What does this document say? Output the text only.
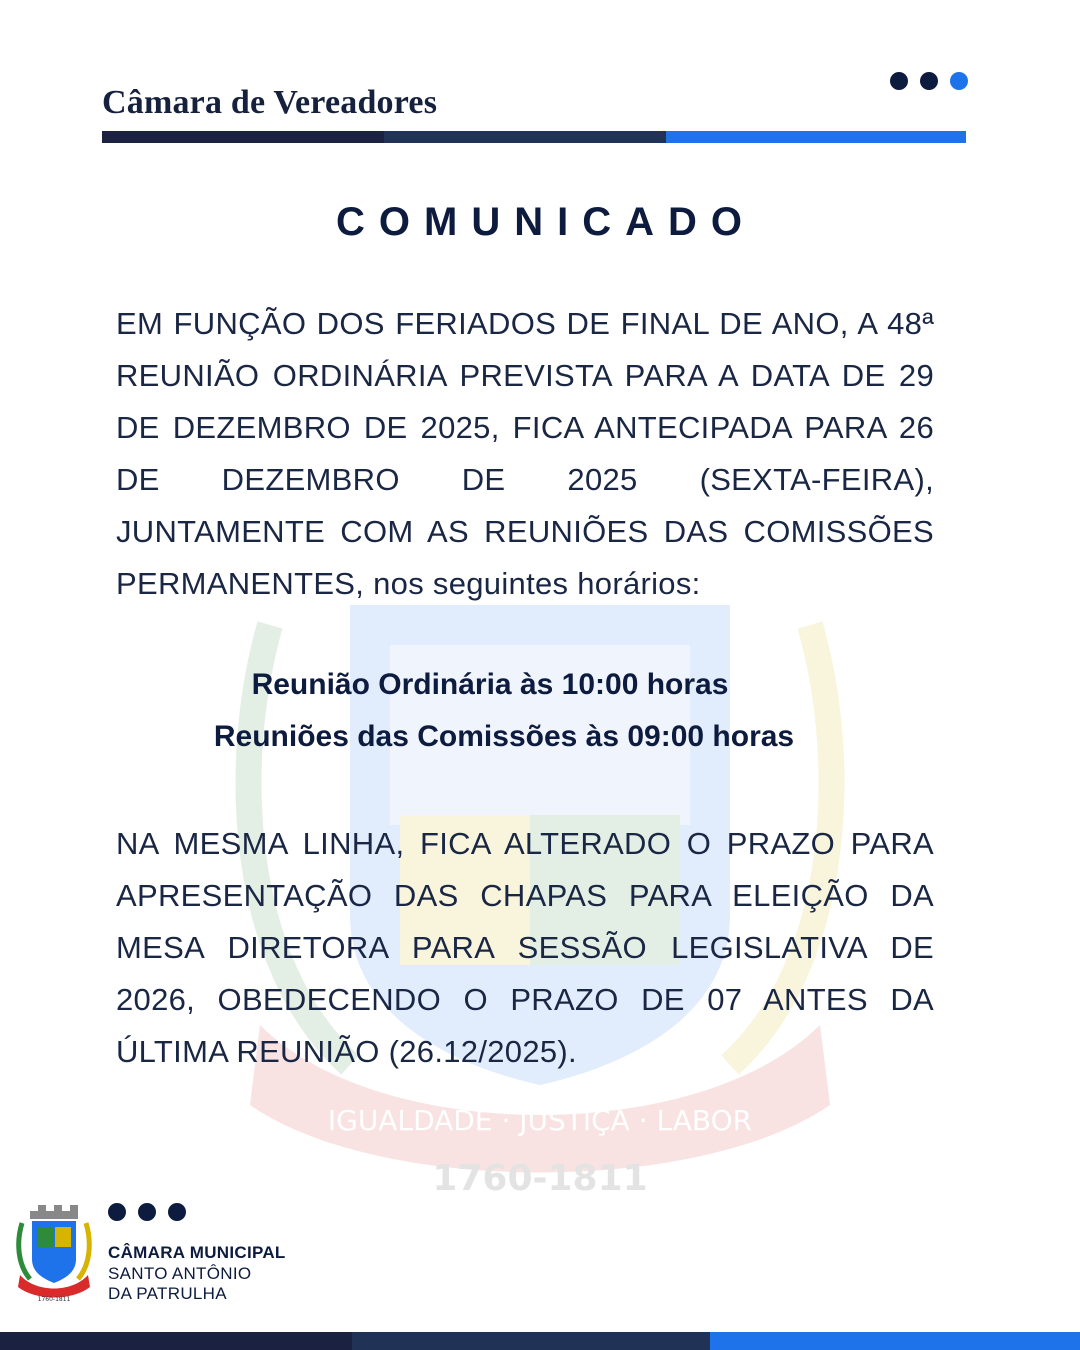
Câmara de Vereadores
IGUALDADE · JUSTIÇA · LABOR
1760-1811
COMUNICADO
EM FUNÇÃO DOS FERIADOS DE FINAL DE ANO, A 48ª REUNIÃO ORDINÁRIA PREVISTA PARA A DATA DE 29 DE DEZEMBRO DE 2025, FICA ANTECIPADA PARA 26 DE DEZEMBRO DE 2025 (SEXTA-FEIRA), JUNTAMENTE COM AS REUNIÕES DAS COMISSÕES PERMANENTES, nos seguintes horários:
Reunião Ordinária às 10:00 horas
Reuniões das Comissões às 09:00 horas
NA MESMA LINHA, FICA ALTERADO O PRAZO PARA APRESENTAÇÃO DAS CHAPAS PARA ELEIÇÃO DA MESA DIRETORA PARA SESSÃO LEGISLATIVA DE 2026, OBEDECENDO O PRAZO DE 07 ANTES DA ÚLTIMA REUNIÃO (26.12/2025).
1760-1811
CÂMARA MUNICIPAL
SANTO ANTÔNIO
DA PATRULHA
